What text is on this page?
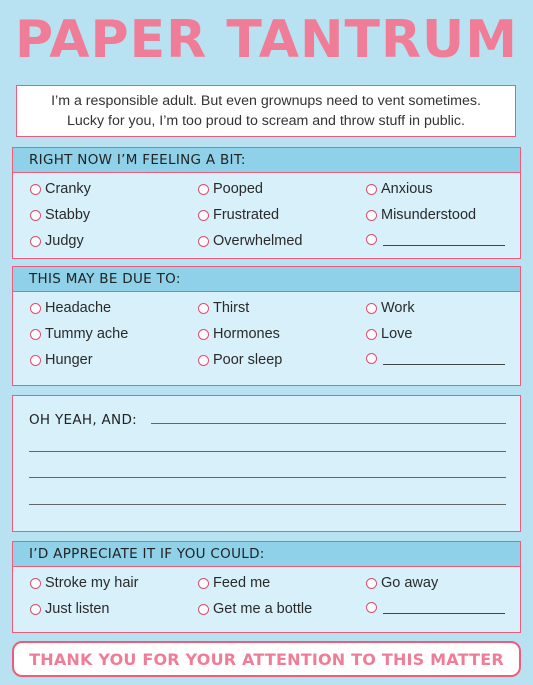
PAPER TANTRUM
I’m a responsible adult. But even grownups need to vent sometimes.
Lucky for you, I’m too proud to scream and throw stuff in public.
RIGHT NOW I’M FEELING A BIT:
Cranky	Pooped	Anxious
Stabby	Frustrated	Misunderstood
Judgy	Overwhelmed
THIS MAY BE DUE TO:
Headache	Thirst	Work
Tummy ache	Hormones	Love
Hunger	Poor sleep
OH YEAH, AND:
I’D APPRECIATE IT IF YOU COULD:
Stroke my hair	Feed me	Go away
Just listen	Get me a bottle
THANK YOU FOR YOUR ATTENTION TO THIS MATTER
